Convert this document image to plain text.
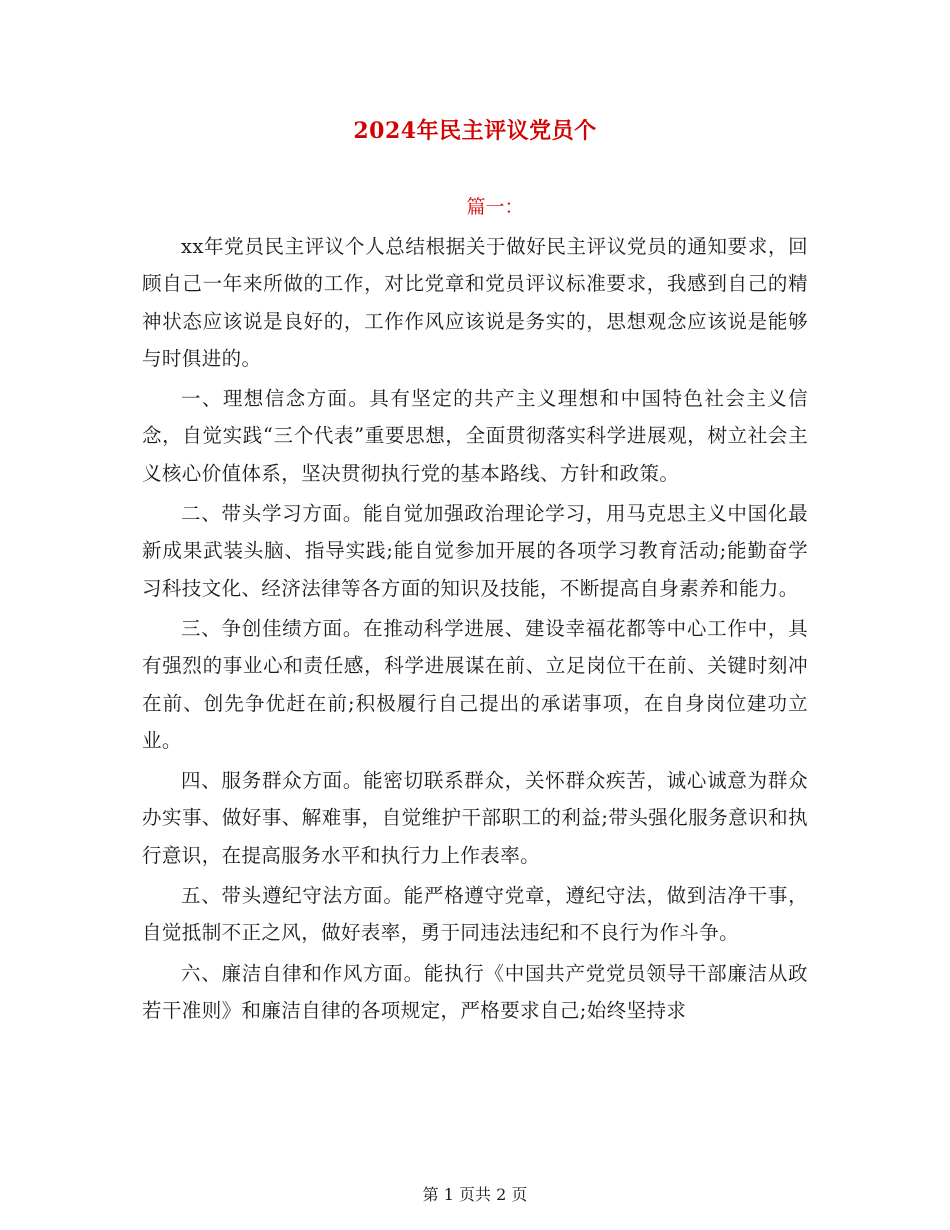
2024年民主评议党员个
篇一：

xx年党员民主评议个人总结根据关于做好民主评议党员的通知要求，回顾自己一年来所做的工作，对比党章和党员评议标准要求，我感到自己的精神状态应该说是良好的，工作作风应该说是务实的，思想观念应该说是能够与时俱进的。

一、理想信念方面。具有坚定的共产主义理想和中国特色社会主义信念，自觉实践“三个代表”重要思想，全面贯彻落实科学进展观，树立社会主义核心价值体系，坚决贯彻执行党的基本路线、方针和政策。

二、带头学习方面。能自觉加强政治理论学习，用马克思主义中国化最新成果武装头脑、指导实践;能自觉参加开展的各项学习教育活动;能勤奋学习科技文化、经济法律等各方面的知识及技能，不断提高自身素养和能力。

三、争创佳绩方面。在推动科学进展、建设幸福花都等中心工作中，具有强烈的事业心和责任感，科学进展谋在前、立足岗位干在前、关键时刻冲在前、创先争优赶在前;积极履行自己提出的承诺事项，在自身岗位建功立业。

四、服务群众方面。能密切联系群众，关怀群众疾苦，诚心诚意为群众办实事、做好事、解难事，自觉维护干部职工的利益;带头强化服务意识和执行意识，在提高服务水平和执行力上作表率。

五、带头遵纪守法方面。能严格遵守党章，遵纪守法，做到洁净干事，自觉抵制不正之风，做好表率，勇于同违法违纪和不良行为作斗争。

六、廉洁自律和作风方面。能执行《中国共产党党员领导干部廉洁从政若干准则》和廉洁自律的各项规定，严格要求自己;始终坚持求

第 1 页共 2 页
